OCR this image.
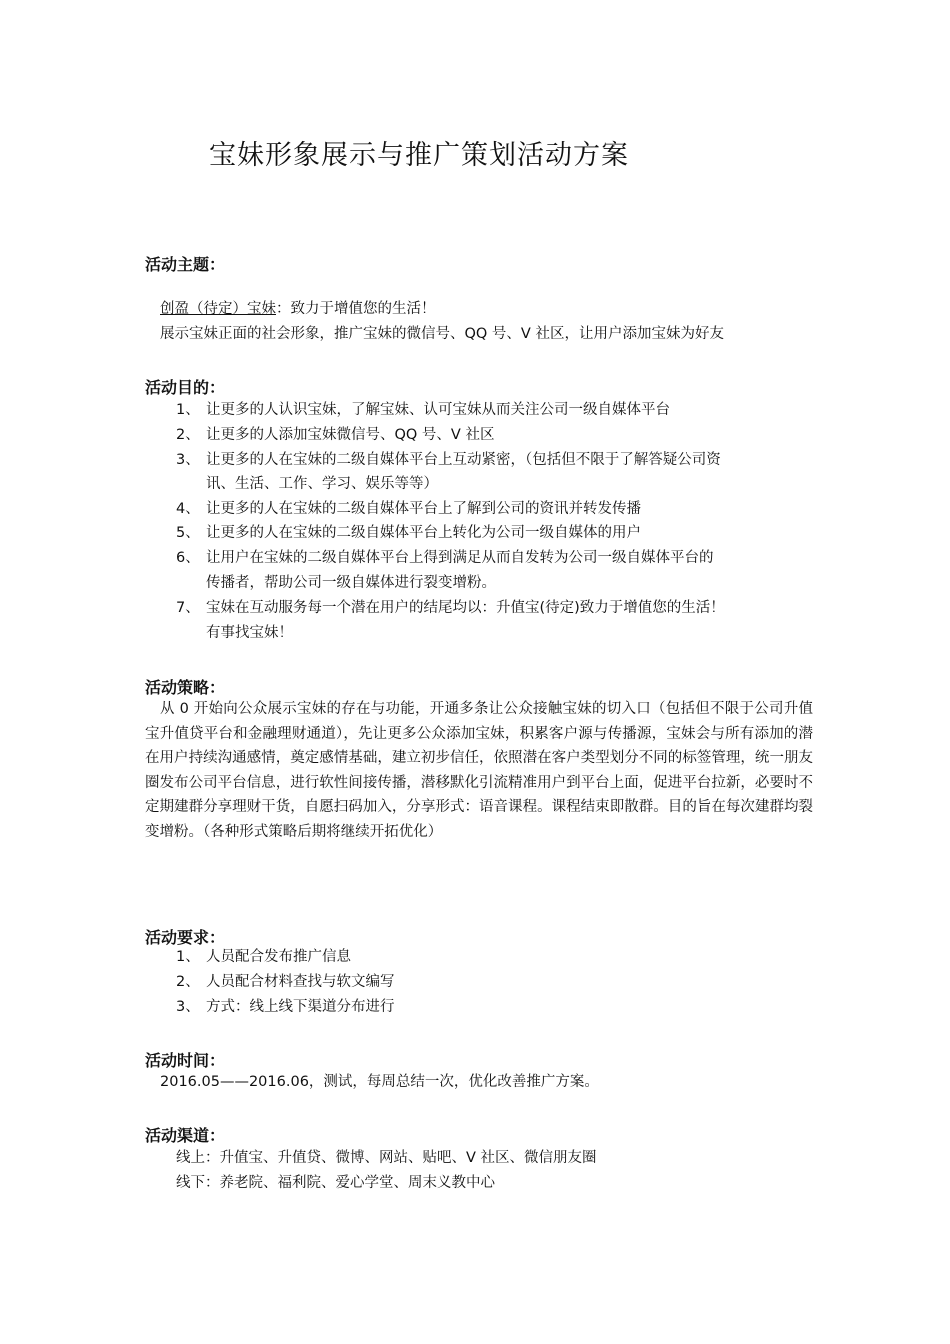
宝妹形象展示与推广策划活动方案
活动主题：
创盈（待定）宝妹：致力于增值您的生活！
展示宝妹正面的社会形象，推广宝妹的微信号、QQ 号、V 社区，让用户添加宝妹为好友
活动目的：
1、 让更多的人认识宝妹，了解宝妹、认可宝妹从而关注公司一级自媒体平台
2、 让更多的人添加宝妹微信号、QQ 号、V 社区
3、 让更多的人在宝妹的二级自媒体平台上互动紧密，（包括但不限于了解答疑公司资
讯、生活、工作、学习、娱乐等等）
4、 让更多的人在宝妹的二级自媒体平台上了解到公司的资讯并转发传播
5、 让更多的人在宝妹的二级自媒体平台上转化为公司一级自媒体的用户
6、 让用户在宝妹的二级自媒体平台上得到满足从而自发转为公司一级自媒体平台的
传播者，帮助公司一级自媒体进行裂变增粉。
7、 宝妹在互动服务每一个潜在用户的结尾均以：升值宝(待定)致力于增值您的生活！
有事找宝妹！
活动策略：
从 0 开始向公众展示宝妹的存在与功能，开通多条让公众接触宝妹的切入口（包括但不限于公司升值宝升值贷平台和金融理财通道），先让更多公众添加宝妹，积累客户源与传播源，宝妹会与所有添加的潜在用户持续沟通感情，奠定感情基础，建立初步信任，依照潜在客户类型划分不同的标签管理，统一朋友圈发布公司平台信息，进行软性间接传播，潜移默化引流精准用户到平台上面，促进平台拉新，必要时不定期建群分享理财干货，自愿扫码加入，分享形式：语音课程。课程结束即散群。目的旨在每次建群均裂变增粉。（各种形式策略后期将继续开拓优化）
活动要求：
1、 人员配合发布推广信息
2、 人员配合材料查找与软文编写
3、 方式：线上线下渠道分布进行
活动时间：
2016.05——2016.06，测试，每周总结一次，优化改善推广方案。
活动渠道：
线上：升值宝、升值贷、微博、网站、贴吧、V 社区、微信朋友圈
线下：养老院、福利院、爱心学堂、周末义教中心
